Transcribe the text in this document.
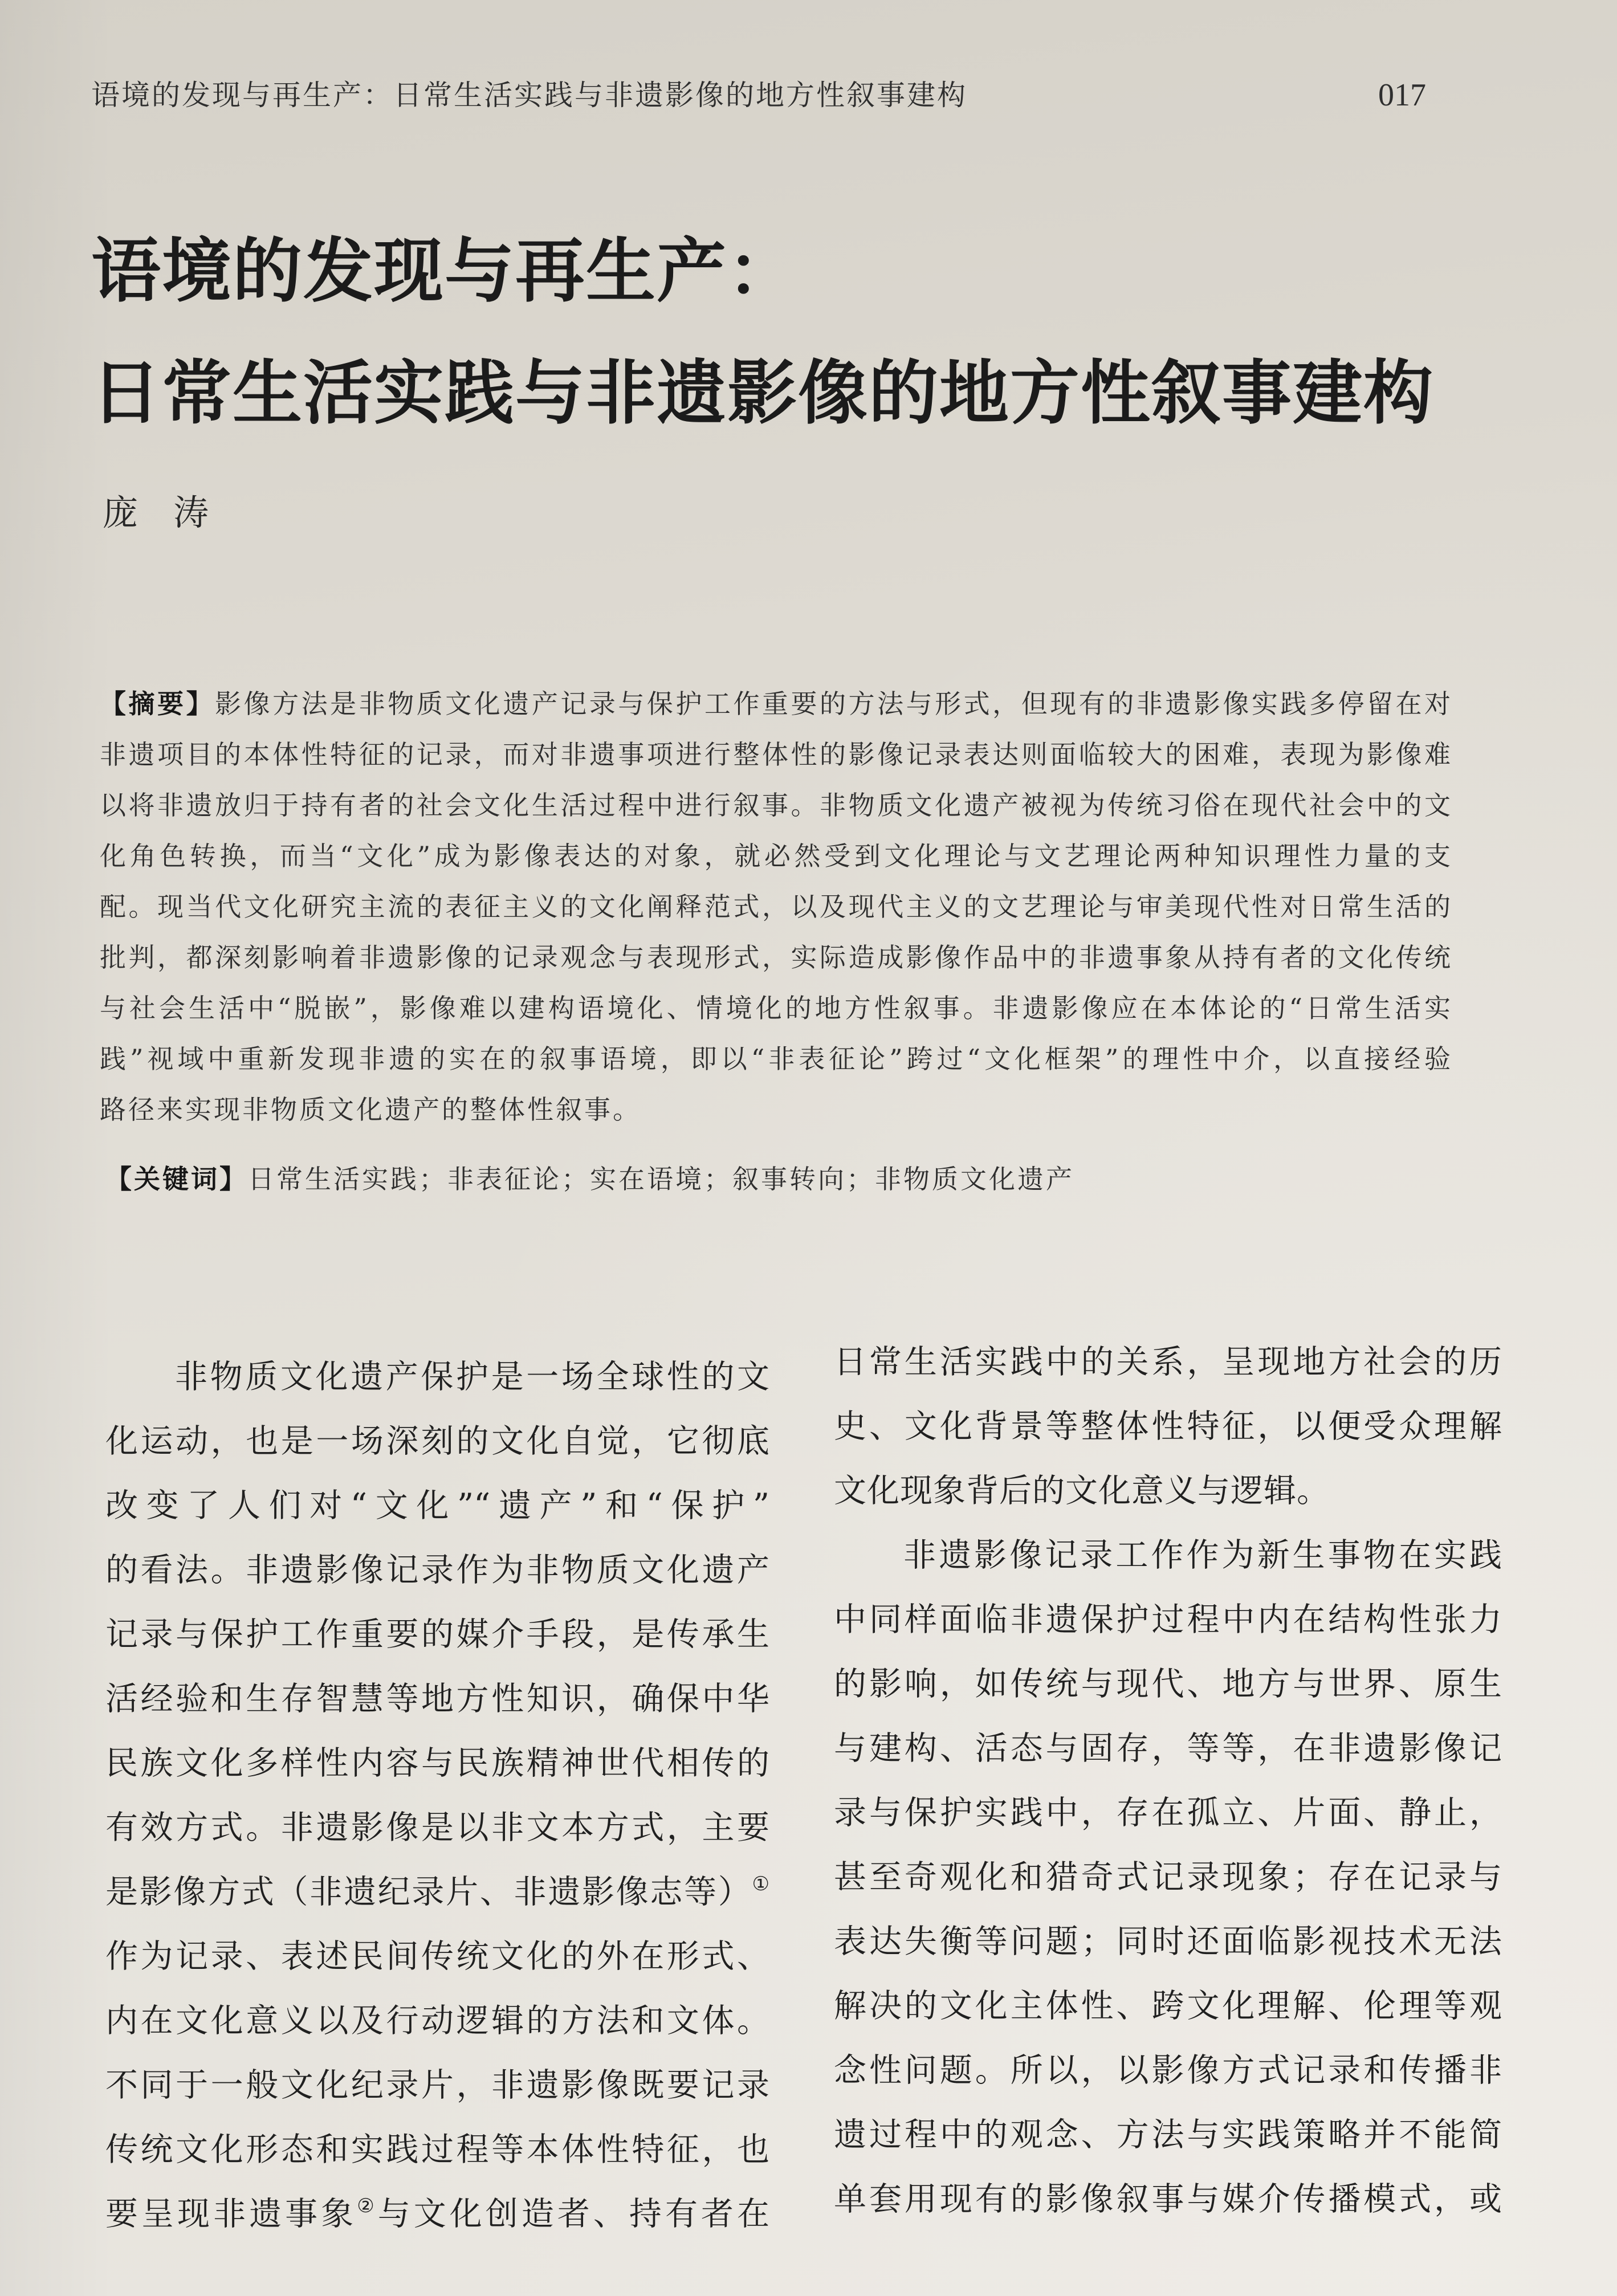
语境的发现与再生产：日常生活实践与非遗影像的地方性叙事建构	017
语境的发现与再生产：
日常生活实践与非遗影像的地方性叙事建构
庞　涛
【摘要】影像方法是非物质文化遗产记录与保护工作重要的方法与形式，但现有的非遗影像实践多停留在对
非遗项目的本体性特征的记录，而对非遗事项进行整体性的影像记录表达则面临较大的困难，表现为影像难
以将非遗放归于持有者的社会文化生活过程中进行叙事。非物质文化遗产被视为传统习俗在现代社会中的文
化角色转换，而当“文化”成为影像表达的对象，就必然受到文化理论与文艺理论两种知识理性力量的支
配。现当代文化研究主流的表征主义的文化阐释范式，以及现代主义的文艺理论与审美现代性对日常生活的
批判，都深刻影响着非遗影像的记录观念与表现形式，实际造成影像作品中的非遗事象从持有者的文化传统
与社会生活中“脱嵌”，影像难以建构语境化、情境化的地方性叙事。非遗影像应在本体论的“日常生活实
践”视域中重新发现非遗的实在的叙事语境，即以“非表征论”跨过“文化框架”的理性中介，以直接经验
路径来实现非物质文化遗产的整体性叙事。
【关键词】日常生活实践；非表征论；实在语境；叙事转向；非物质文化遗产
非物质文化遗产保护是一场全球性的文
化运动，也是一场深刻的文化自觉，它彻底
改变了人们对“文化”“遗产”和“保护”
的看法。非遗影像记录作为非物质文化遗产
记录与保护工作重要的媒介手段，是传承生
活经验和生存智慧等地方性知识，确保中华
民族文化多样性内容与民族精神世代相传的
有效方式。非遗影像是以非文本方式，主要
是影像方式（非遗纪录片、非遗影像志等）①
作为记录、表述民间传统文化的外在形式、
内在文化意义以及行动逻辑的方法和文体。
不同于一般文化纪录片，非遗影像既要记录
传统文化形态和实践过程等本体性特征，也
要呈现非遗事象②与文化创造者、持有者在
日常生活实践中的关系，呈现地方社会的历
史、文化背景等整体性特征，以便受众理解
文化现象背后的文化意义与逻辑。
非遗影像记录工作作为新生事物在实践
中同样面临非遗保护过程中内在结构性张力
的影响，如传统与现代、地方与世界、原生
与建构、活态与固存，等等，在非遗影像记
录与保护实践中，存在孤立、片面、静止，
甚至奇观化和猎奇式记录现象；存在记录与
表达失衡等问题；同时还面临影视技术无法
解决的文化主体性、跨文化理解、伦理等观
念性问题。所以，以影像方式记录和传播非
遗过程中的观念、方法与实践策略并不能简
单套用现有的影像叙事与媒介传播模式，或
